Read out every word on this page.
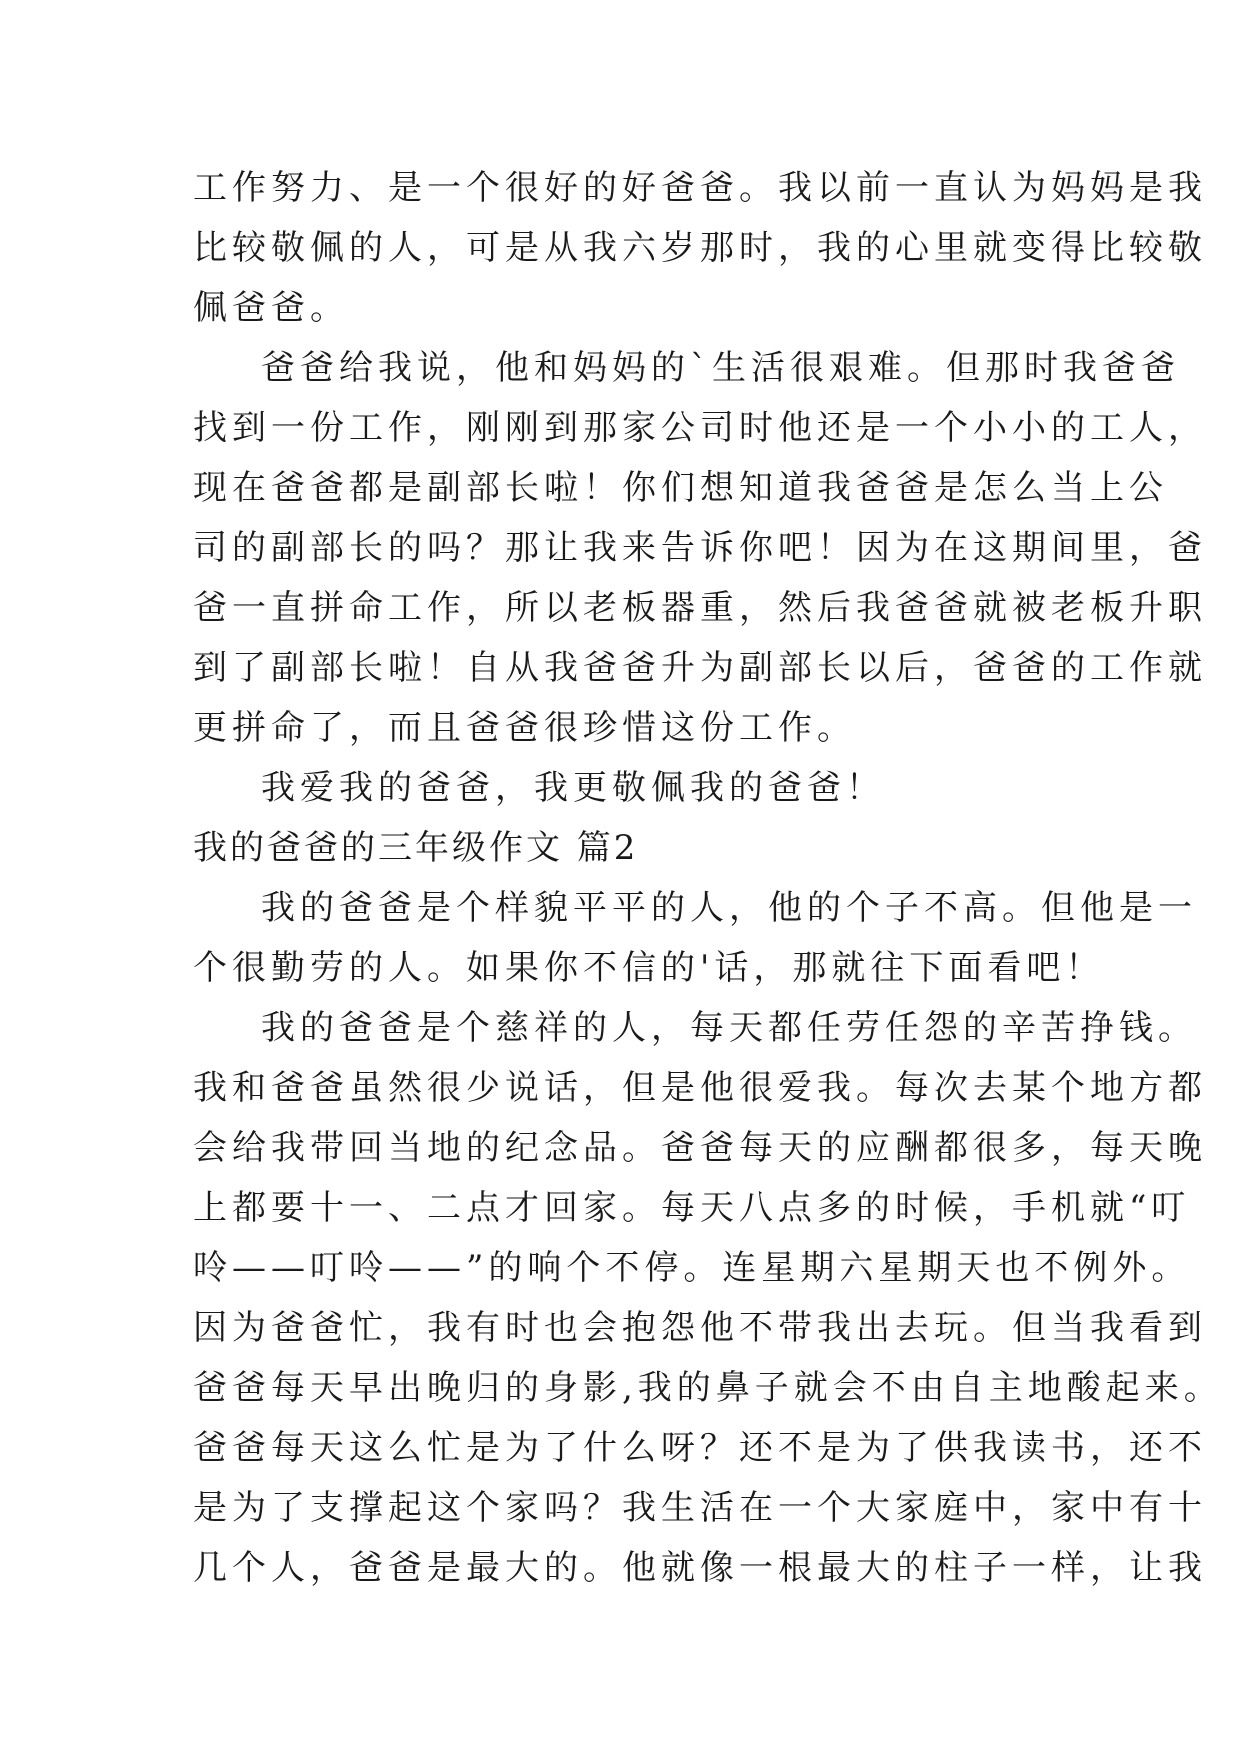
工作努力、是一个很好的好爸爸。我以前一直认为妈妈是我
比较敬佩的人，可是从我六岁那时，我的心里就变得比较敬
佩爸爸。
爸爸给我说，他和妈妈的`生活很艰难。但那时我爸爸
找到一份工作，刚刚到那家公司时他还是一个小小的工人，
现在爸爸都是副部长啦！你们想知道我爸爸是怎么当上公
司的副部长的吗？那让我来告诉你吧！因为在这期间里，爸
爸一直拼命工作，所以老板器重，然后我爸爸就被老板升职
到了副部长啦！自从我爸爸升为副部长以后，爸爸的工作就
更拼命了，而且爸爸很珍惜这份工作。
我爱我的爸爸，我更敬佩我的爸爸！
我的爸爸的三年级作文 篇2
我的爸爸是个样貌平平的人，他的个子不高。但他是一
个很勤劳的人。如果你不信的'话，那就往下面看吧！
我的爸爸是个慈祥的人，每天都任劳任怨的辛苦挣钱。
我和爸爸虽然很少说话，但是他很爱我。每次去某个地方都
会给我带回当地的纪念品。爸爸每天的应酬都很多，每天晚
上都要十一、二点才回家。每天八点多的时候，手机就“叮
呤——叮呤——”的响个不停。连星期六星期天也不例外。
因为爸爸忙，我有时也会抱怨他不带我出去玩。但当我看到
爸爸每天早出晚归的身影,我的鼻子就会不由自主地酸起来。
爸爸每天这么忙是为了什么呀？还不是为了供我读书，还不
是为了支撑起这个家吗？我生活在一个大家庭中，家中有十
几个人，爸爸是最大的。他就像一根最大的柱子一样，让我
